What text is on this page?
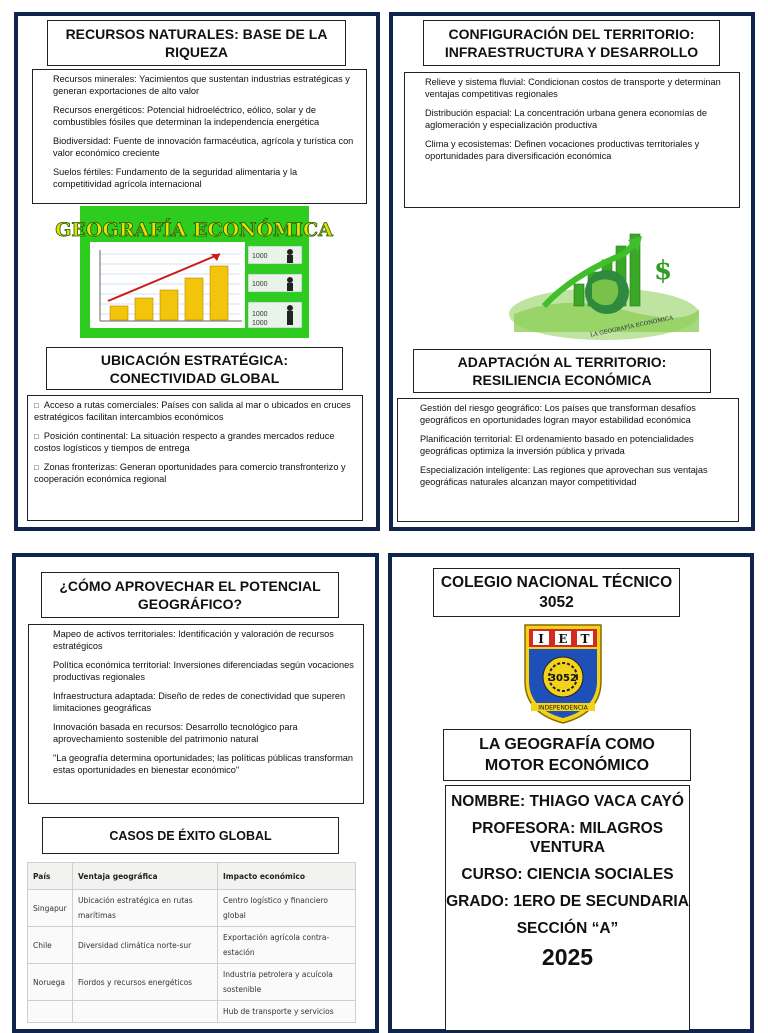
RECURSOS NATURALES: BASE DE LA RIQUEZA

Recursos minerales: Yacimientos que sustentan industrias estratégicas y generan exportaciones de alto valor

Recursos energéticos: Potencial hidroeléctrico, eólico, solar y de combustibles fósiles que determinan la independencia energética

Biodiversidad: Fuente de innovación farmacéutica, agrícola y turística con valor económico creciente

Suelos fértiles: Fundamento de la seguridad alimentaria y la competitividad agrícola internacional

GEOGRAFÍA ECONÓMICA
1000
1000
1000
1000
UBICACIÓN ESTRATÉGICA: CONECTIVIDAD GLOBAL

□ Acceso a rutas comerciales: Países con salida al mar o ubicados en cruces estratégicos facilitan intercambios económicos

□ Posición continental: La situación respecto a grandes mercados reduce costos logísticos y tiempos de entrega

□ Zonas fronterizas: Generan oportunidades para comercio transfronterizo y cooperación económica regional

CONFIGURACIÓN DEL TERRITORIO: INFRAESTRUCTURA Y DESARROLLO

Relieve y sistema fluvial: Condicionan costos de transporte y determinan ventajas competitivas regionales

Distribución espacial: La concentración urbana genera economías de aglomeración y especialización productiva

Clima y ecosistemas: Definen vocaciones productivas territoriales y oportunidades para diversificación económica

$
LA GEOGRAFÍA ECONÓMICA
ADAPTACIÓN AL TERRITORIO: RESILIENCIA ECONÓMICA

Gestión del riesgo geográfico: Los países que transforman desafíos geográficos en oportunidades logran mayor estabilidad económica

Planificación territorial: El ordenamiento basado en potencialidades geográficas optimiza la inversión pública y privada

Especialización inteligente: Las regiones que aprovechan sus ventajas geográficas naturales alcanzan mayor competitividad

¿CÓMO APROVECHAR EL POTENCIAL GEOGRÁFICO?

Mapeo de activos territoriales: Identificación y valoración de recursos estratégicos

Política económica territorial: Inversiones diferenciadas según vocaciones productivas regionales

Infraestructura adaptada: Diseño de redes de conectividad que superen limitaciones geográficas

Innovación basada en recursos: Desarrollo tecnológico para aprovechamiento sostenible del patrimonio natural

"La geografía determina oportunidades; las políticas públicas transforman estas oportunidades en bienestar económico"

CASOS DE ÉXITO GLOBAL
País	Ventaja geográfica	Impacto económico
Singapur	Ubicación estratégica en rutas marítimas	Centro logístico y financiero global
Chile	Diversidad climática norte-sur	Exportación agrícola contra-estación
Noruega	Fiordos y recursos energéticos	Industria petrolera y acuícola sostenible
		Hub de transporte y servicios
COLEGIO NACIONAL TÉCNICO 3052
I E T
3052
INDEPENDENCIA
LA GEOGRAFÍA COMO MOTOR ECONÓMICO

NOMBRE: THIAGO VACA CAYÓ

PROFESORA: MILAGROS VENTURA

CURSO: CIENCIA SOCIALES

GRADO: 1ERO DE SECUNDARIA

SECCIÓN “A”

2025
